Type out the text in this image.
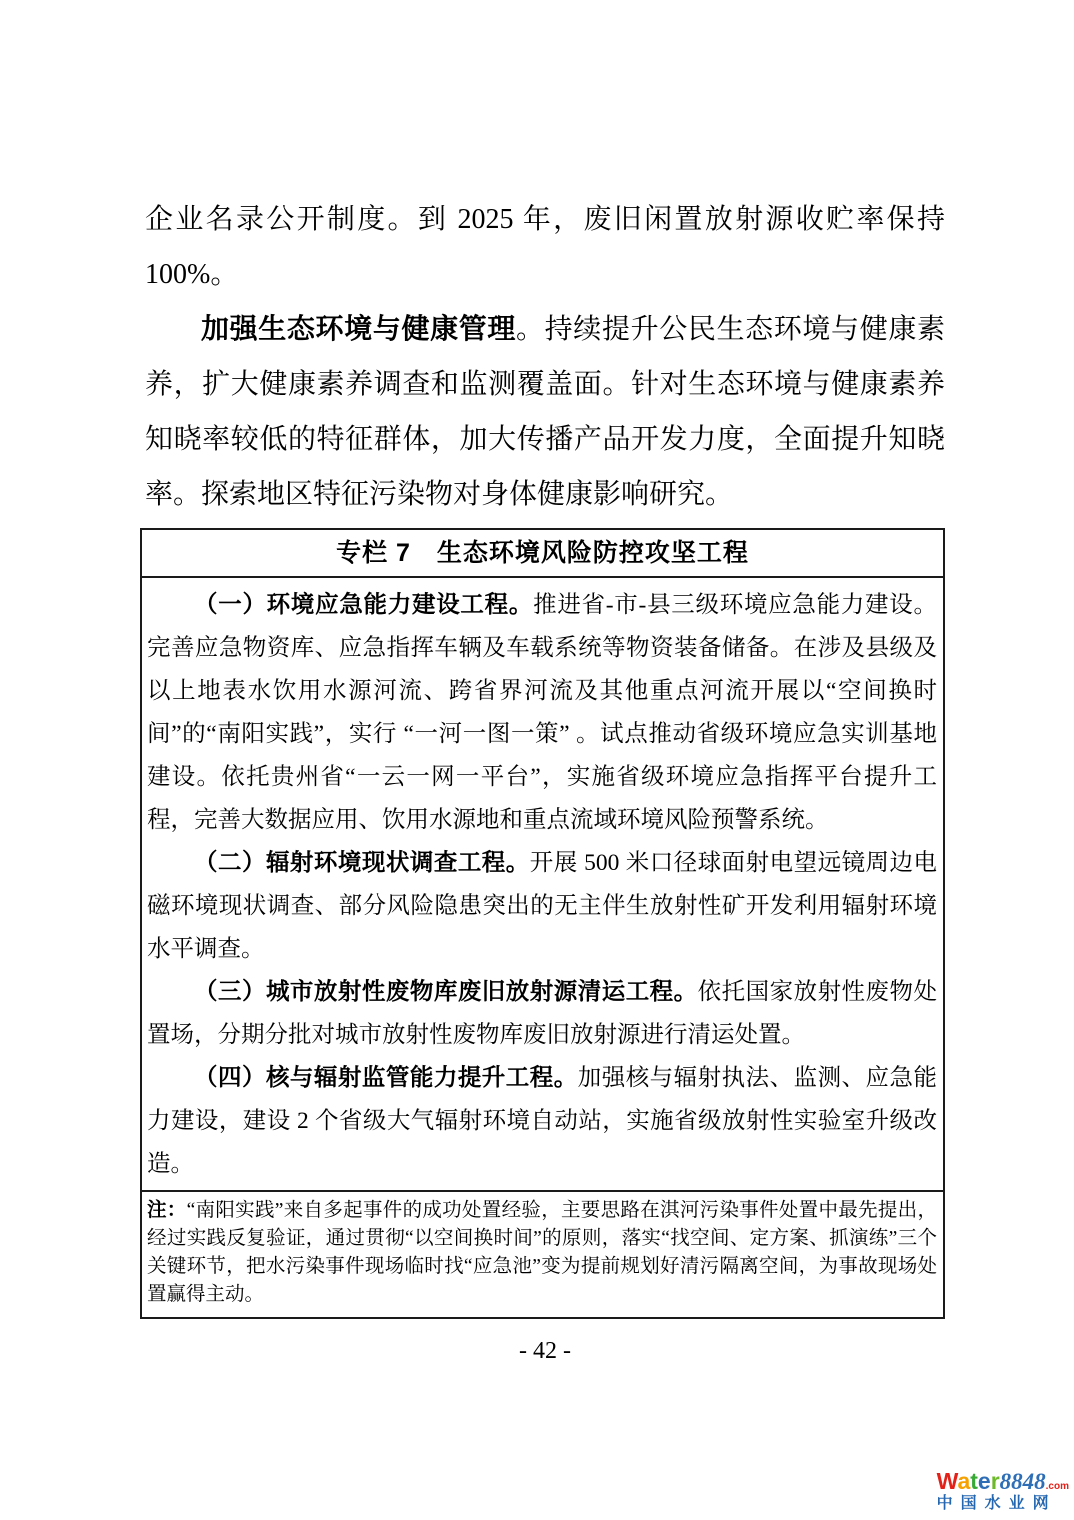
企业名录公开制度。到 2025 年，废旧闲置放射源收贮率保持 100%。

加强生态环境与健康管理。持续提升公民生态环境与健康素养，扩大健康素养调查和监测覆盖面。针对生态环境与健康素养知晓率较低的特征群体，加大传播产品开发力度，全面提升知晓率。探索地区特征污染物对身体健康影响研究。

专栏 7　生态环境风险防控攻坚工程

（一）环境应急能力建设工程。推进省-市-县三级环境应急能力建设。完善应急物资库、应急指挥车辆及车载系统等物资装备储备。在涉及县级及以上地表水饮用水源河流、跨省界河流及其他重点河流开展以“空间换时间”的“南阳实践”，实行 “一河一图一策” 。试点推动省级环境应急实训基地建设。依托贵州省“一云一网一平台”，实施省级环境应急指挥平台提升工程，完善大数据应用、饮用水源地和重点流域环境风险预警系统。

（二）辐射环境现状调查工程。开展 500 米口径球面射电望远镜周边电磁环境现状调查、部分风险隐患突出的无主伴生放射性矿开发利用辐射环境水平调查。

（三）城市放射性废物库废旧放射源清运工程。依托国家放射性废物处置场，分期分批对城市放射性废物库废旧放射源进行清运处置。

（四）核与辐射监管能力提升工程。加强核与辐射执法、监测、应急能力建设，建设 2 个省级大气辐射环境自动站，实施省级放射性实验室升级改造。

注：“南阳实践”来自多起事件的成功处置经验，主要思路在淇河污染事件处置中最先提出，经过实践反复验证，通过贯彻“以空间换时间”的原则，落实“找空间、定方案、抓演练”三个关键环节，把水污染事件现场临时找“应急池”变为提前规划好清污隔离空间，为事故现场处置赢得主动。
- 42 -
Water8848.com
中国水业网
